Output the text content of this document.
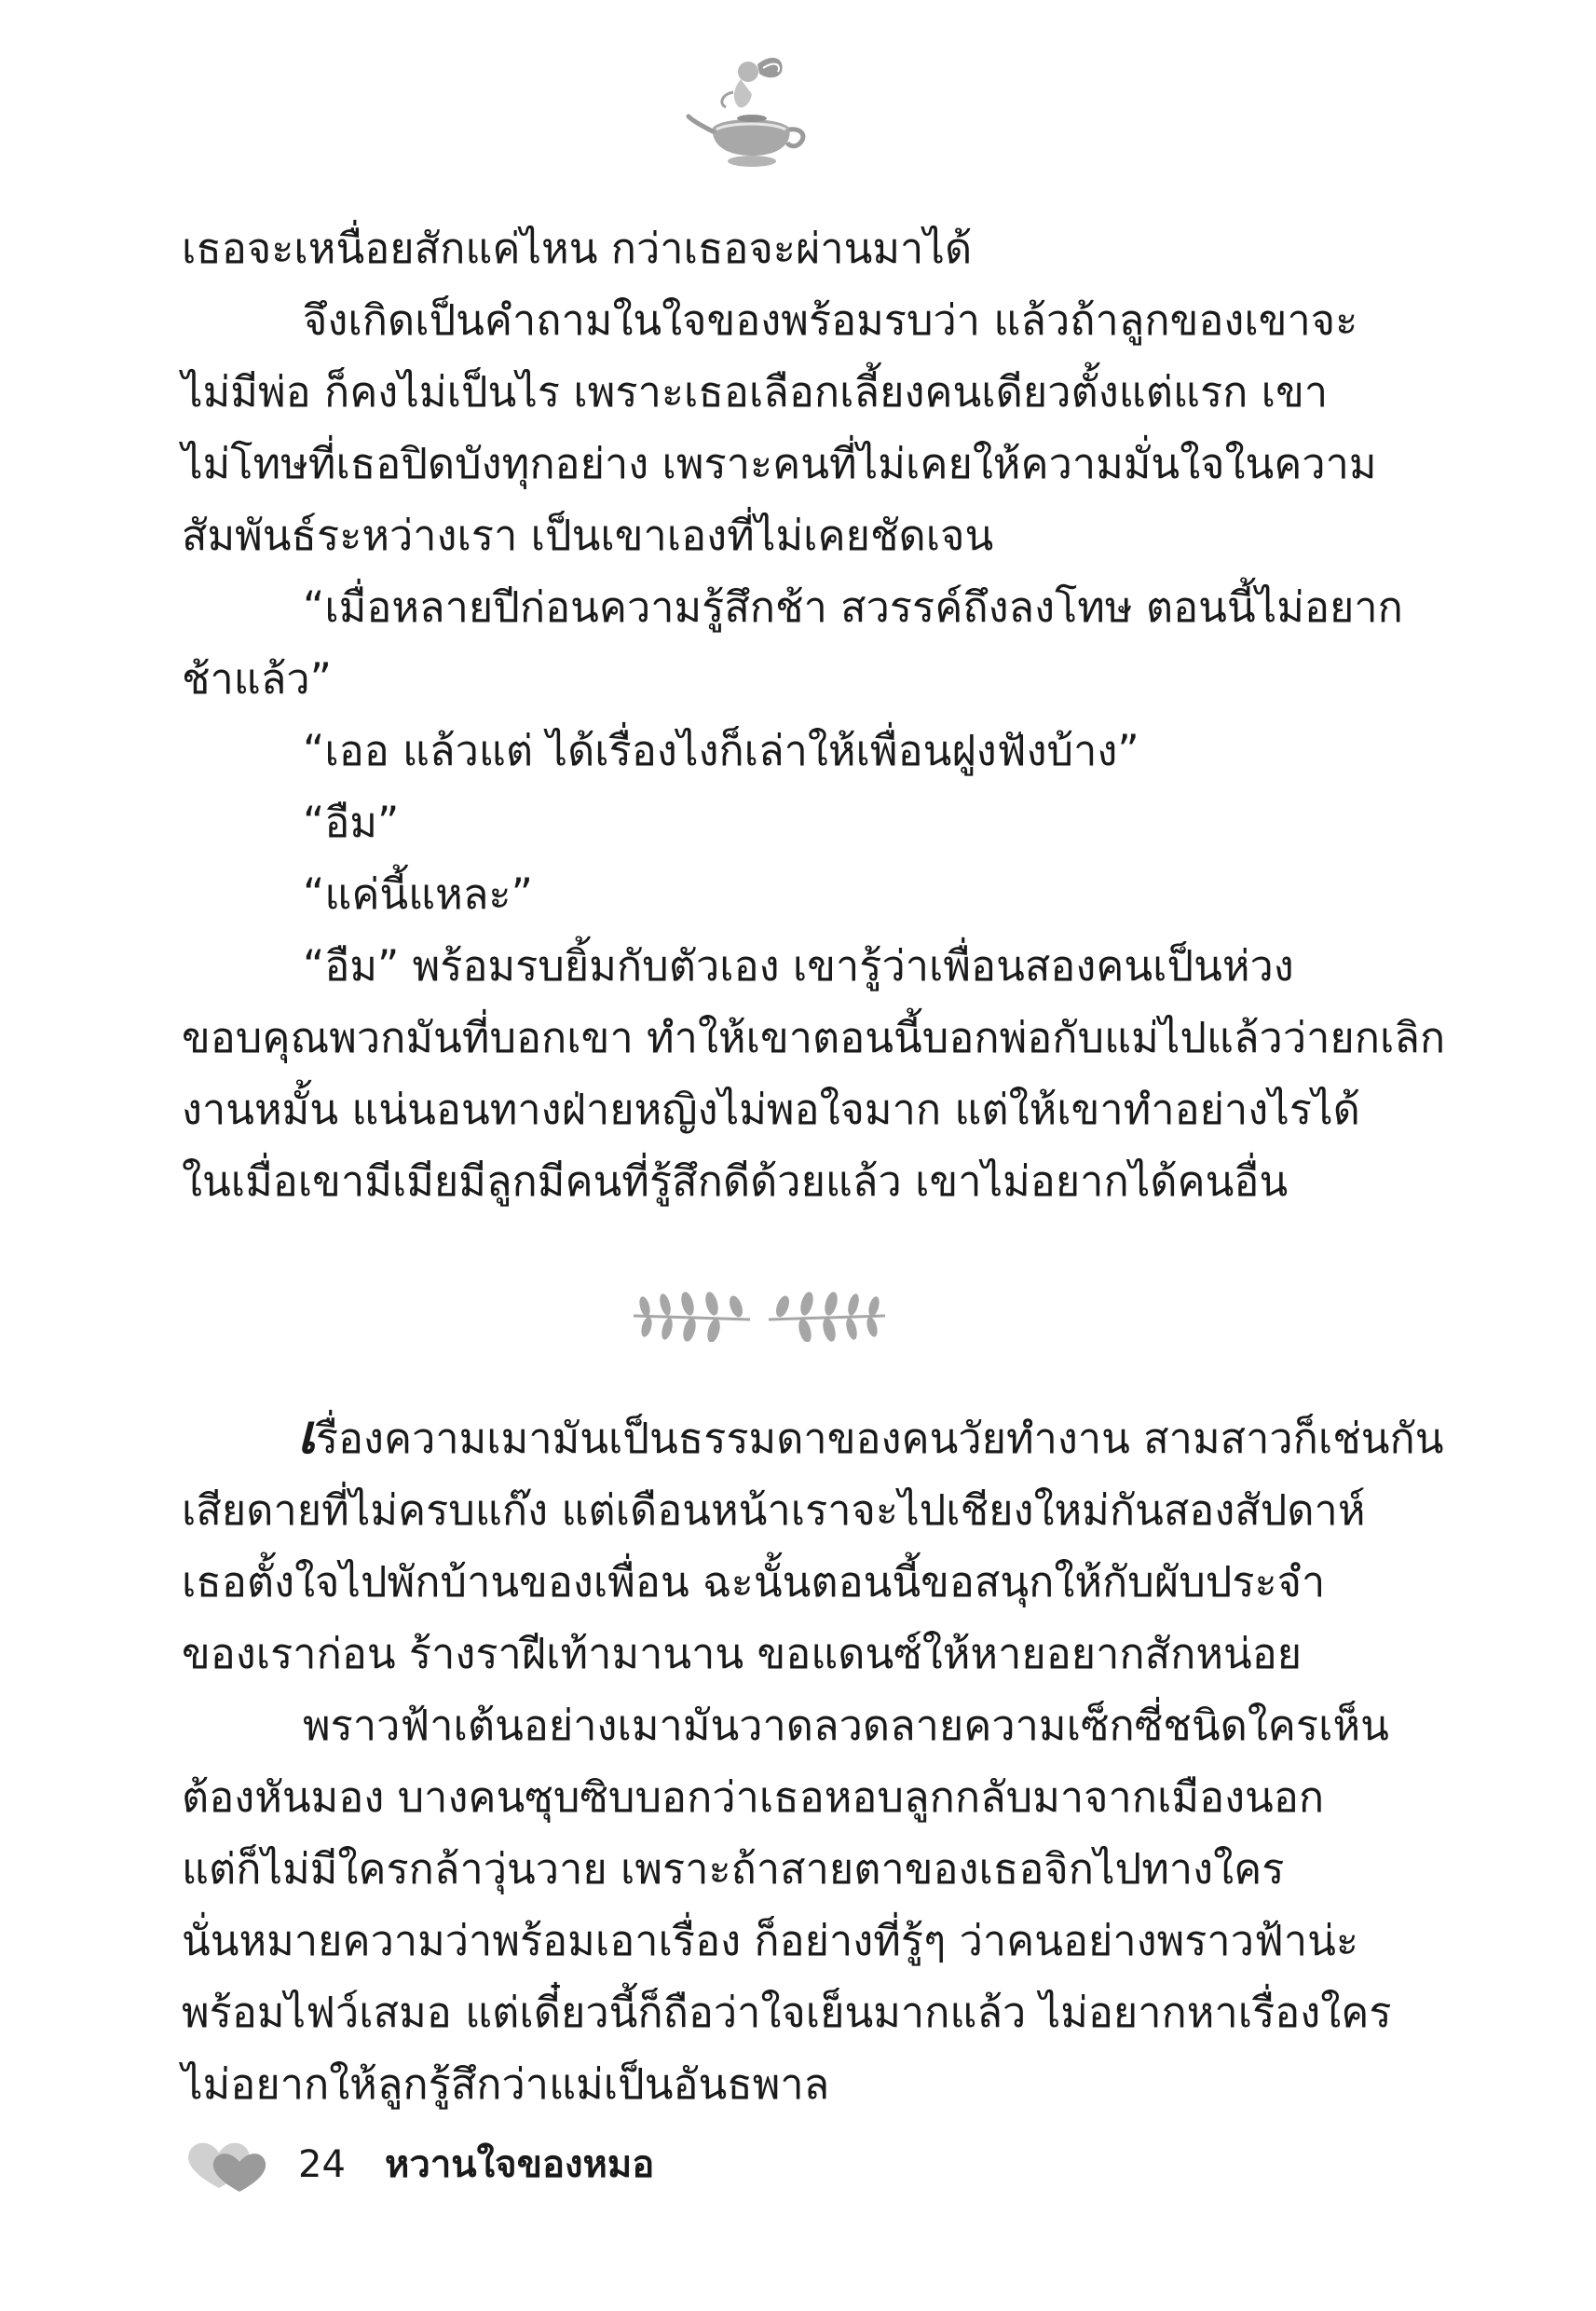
เธอจะเหนื่อยสักแค่ไหน กว่าเธอจะผ่านมาได้

จึงเกิดเป็นคำถามในใจของพร้อมรบว่า แล้วถ้าลูกของเขาจะ

ไม่มีพ่อ ก็คงไม่เป็นไร เพราะเธอเลือกเลี้ยงคนเดียวตั้งแต่แรก เขา

ไม่โทษที่เธอปิดบังทุกอย่าง เพราะคนที่ไม่เคยให้ความมั่นใจในความ

สัมพันธ์ระหว่างเรา เป็นเขาเองที่ไม่เคยชัดเจน

“เมื่อหลายปีก่อนความรู้สึกช้า สวรรค์ถึงลงโทษ ตอนนี้ไม่อยาก

ช้าแล้ว”

“เออ แล้วแต่ ได้เรื่องไงก็เล่าให้เพื่อนฝูงฟังบ้าง”

“อืม”

“แค่นี้แหละ”

“อืม” พร้อมรบยิ้มกับตัวเอง เขารู้ว่าเพื่อนสองคนเป็นห่วง

ขอบคุณพวกมันที่บอกเขา ทำให้เขาตอนนี้บอกพ่อกับแม่ไปแล้วว่ายกเลิก

งานหมั้น แน่นอนทางฝ่ายหญิงไม่พอใจมาก แต่ให้เขาทำอย่างไรได้

ในเมื่อเขามีเมียมีลูกมีคนที่รู้สึกดีด้วยแล้ว เขาไม่อยากได้คนอื่น

เรื่องความเมามันเป็นธรรมดาของคนวัยทำงาน สามสาวก็เช่นกัน

เสียดายที่ไม่ครบแก๊ง แต่เดือนหน้าเราจะไปเชียงใหม่กันสองสัปดาห์

เธอตั้งใจไปพักบ้านของเพื่อน ฉะนั้นตอนนี้ขอสนุกให้กับผับประจำ

ของเราก่อน ร้างราฝีเท้ามานาน ขอแดนซ์ให้หายอยากสักหน่อย

พราวฟ้าเต้นอย่างเมามันวาดลวดลายความเซ็กซี่ชนิดใครเห็น

ต้องหันมอง บางคนซุบซิบบอกว่าเธอหอบลูกกลับมาจากเมืองนอก

แต่ก็ไม่มีใครกล้าวุ่นวาย เพราะถ้าสายตาของเธอจิกไปทางใคร

นั่นหมายความว่าพร้อมเอาเรื่อง ก็อย่างที่รู้ๆ ว่าคนอย่างพราวฟ้าน่ะ

พร้อมไฟว์เสมอ แต่เดี๋ยวนี้ก็ถือว่าใจเย็นมากแล้ว ไม่อยากหาเรื่องใคร

ไม่อยากให้ลูกรู้สึกว่าแม่เป็นอันธพาล

24 หวานใจของหมอ
